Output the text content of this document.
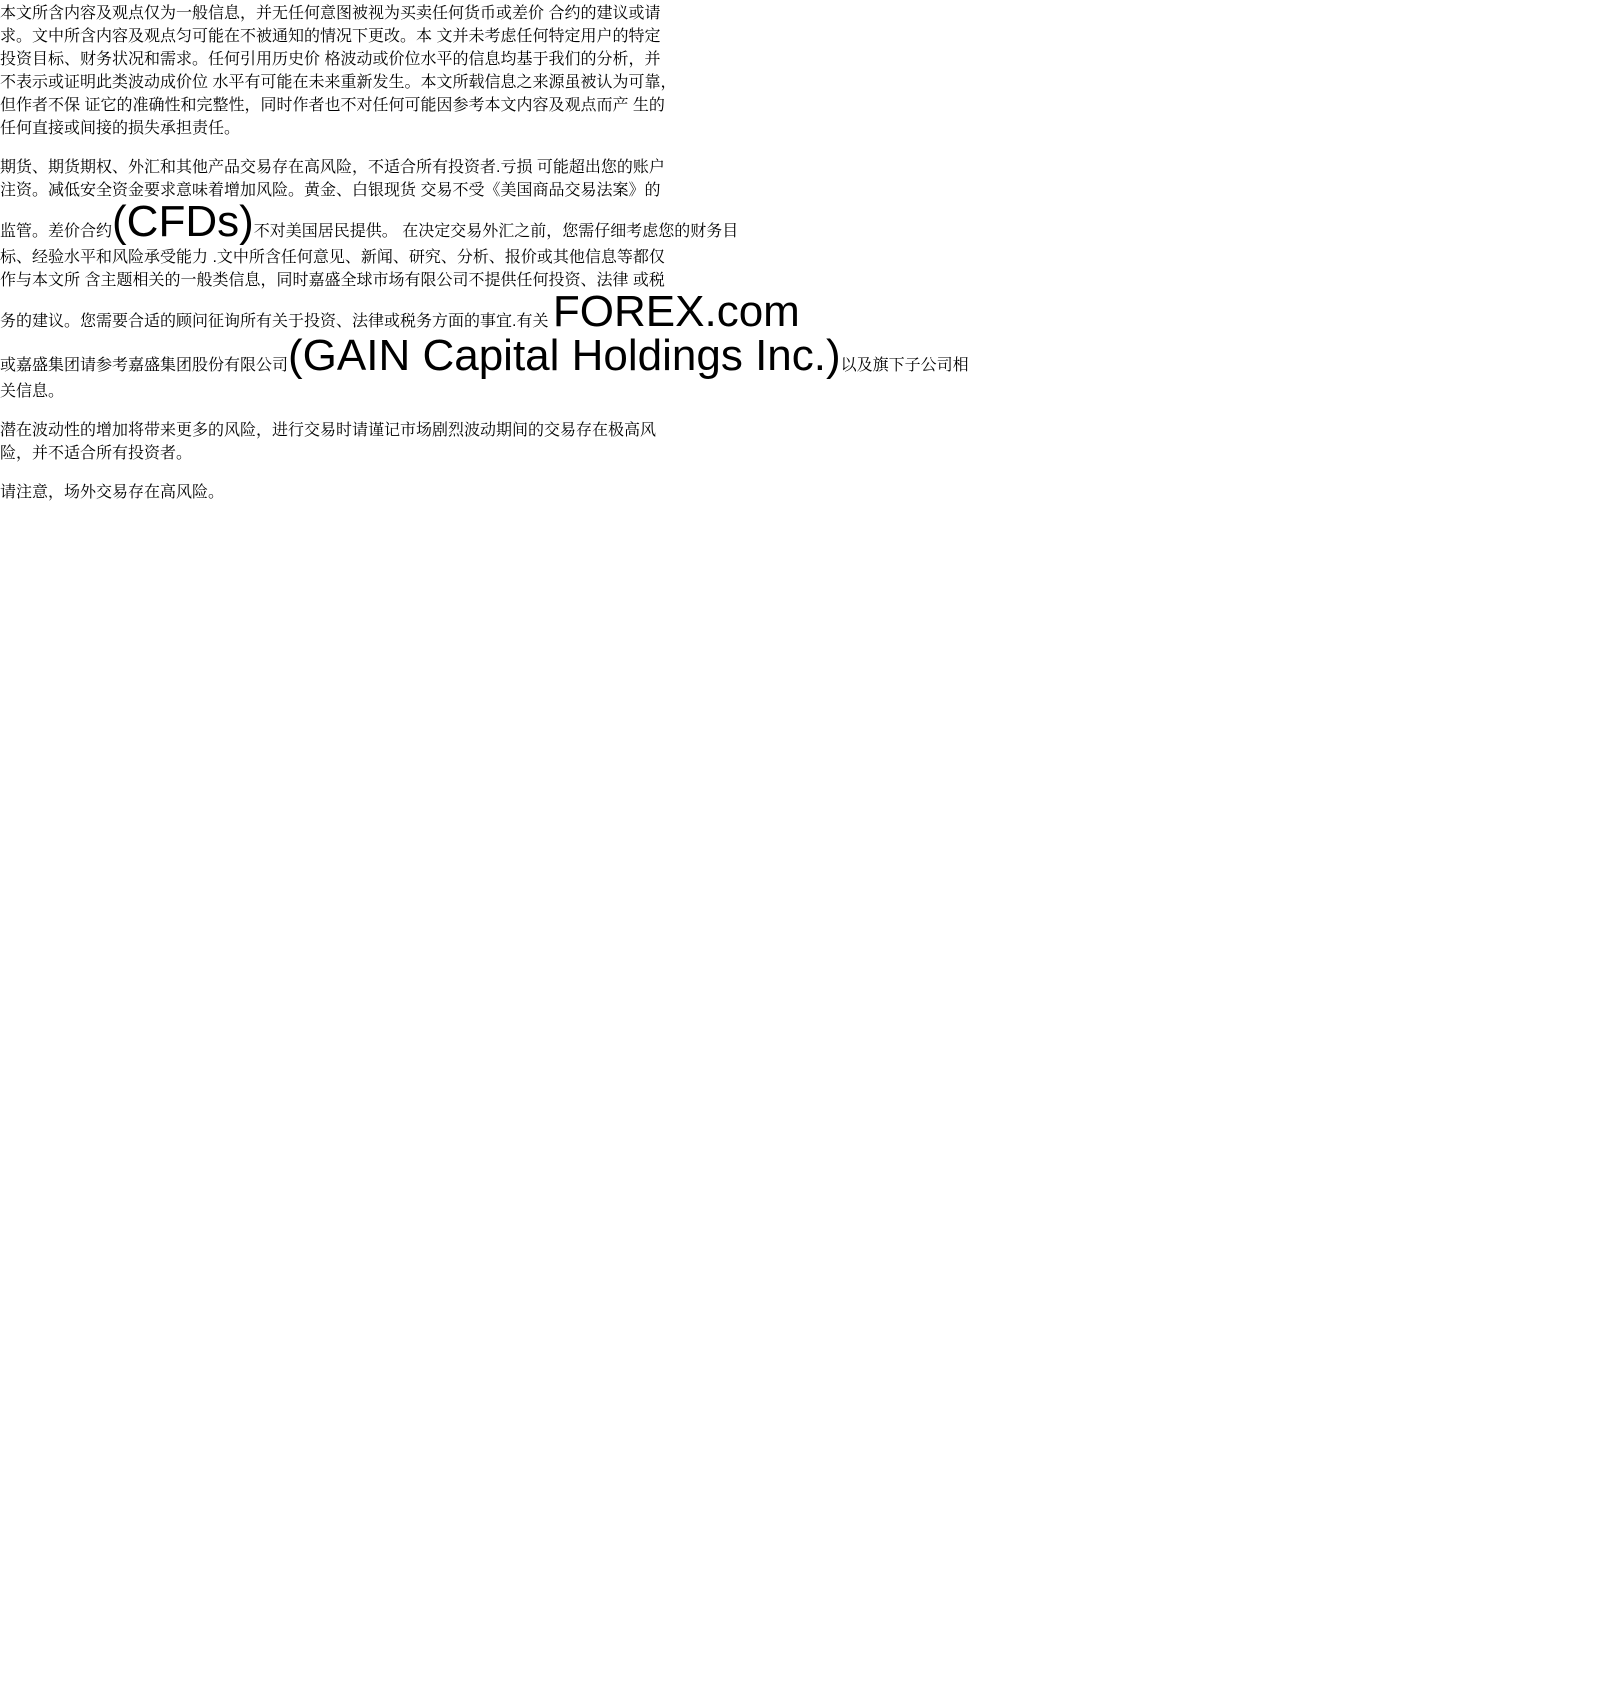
本文所含内容及观点仅为一般信息，并无任何意图被视为买卖任何货币或差价 合约的建议或请
求。文中所含内容及观点匀可能在不被通知的情况下更改。本 文并未考虑任何特定用户的特定
投资目标、财务状况和需求。任何引用历史价 格波动或价位水平的信息均基于我们的分析，并
不表示或证明此类波动成价位 水平有可能在未来重新发生。本文所载信息之来源虽被认为可靠，
但作者不保 证它的准确性和完整性，同时作者也不对任何可能因参考本文内容及观点而产 生的
任何直接或间接的损失承担责任。

期货、期货期权、外汇和其他产品交易存在高风险，不适合所有投资者.亏损 可能超出您的账户
注资。减低安全资金要求意味着增加风险。黄金、白银现货 交易不受《美国商品交易法案》的
监管。差价合约(CFDs)不对美国居民提供。 在决定交易外汇之前，您需仔细考虑您的财务目
标、经验水平和风险承受能力 .文中所含任何意见、新闻、研究、分析、报价或其他信息等都仅
作与本文所 含主题相关的一般类信息，同时嘉盛全球市场有限公司不提供任何投资、法律 或税
务的建议。您需要合适的顾问征询所有关于投资、法律或税务方面的事宜.有关 FOREX.com
或嘉盛集团请参考嘉盛集团股份有限公司(GAIN Capital Holdings Inc.)以及旗下子公司相
关信息。

潜在波动性的增加将带来更多的风险，进行交易时请谨记市场剧烈波动期间的交易存在极高风
险，并不适合所有投资者。

请注意，场外交易存在高风险。
